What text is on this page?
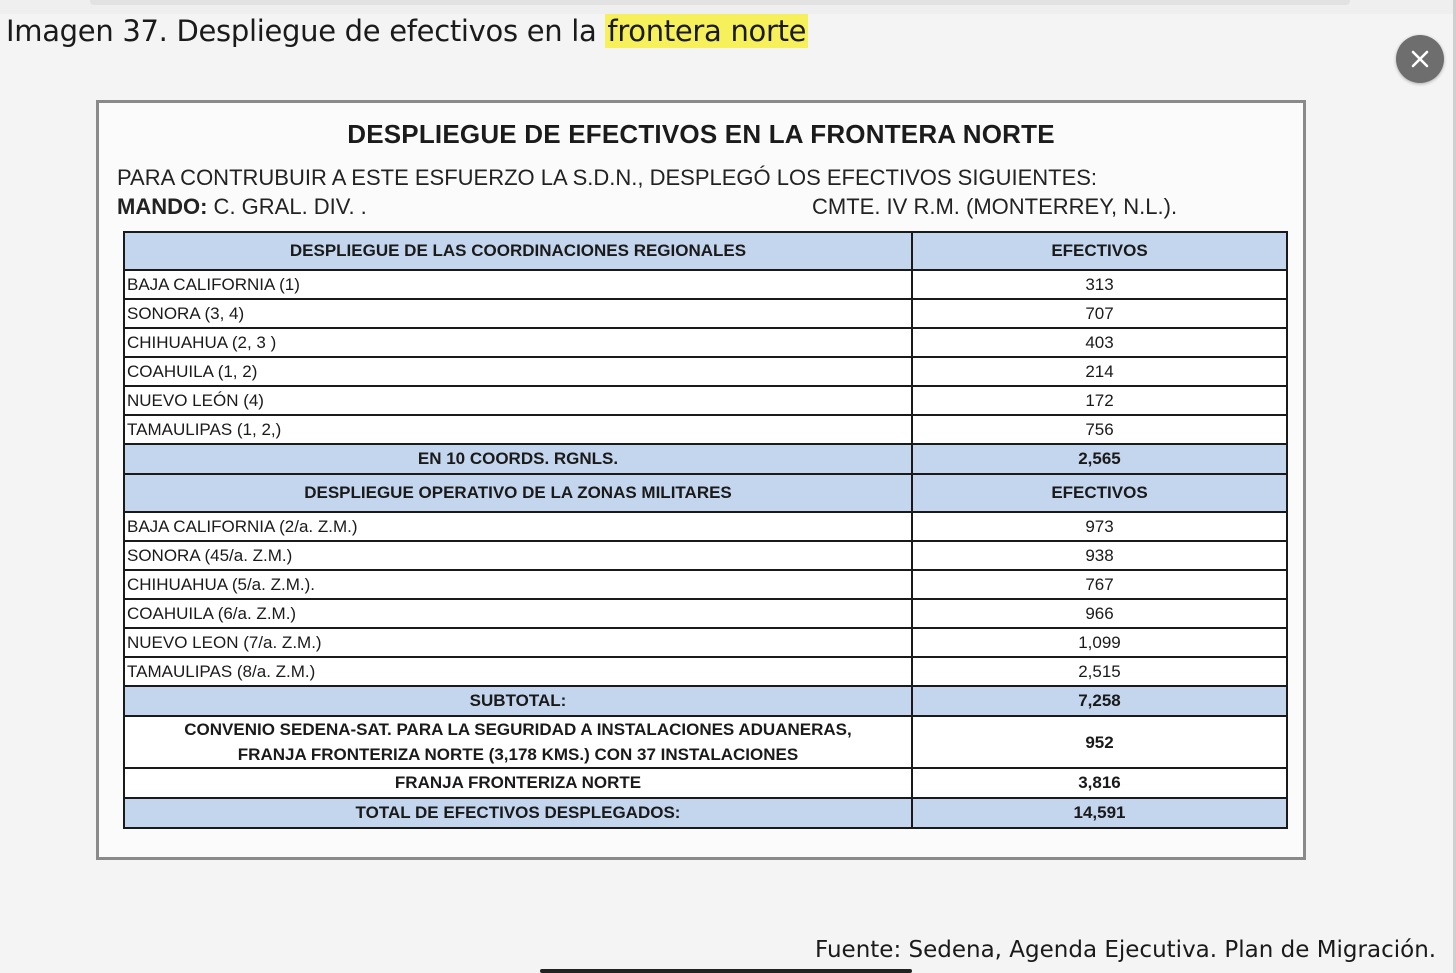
Imagen 37. Despliegue de efectivos en la frontera norte
DESPLIEGUE DE EFECTIVOS EN LA FRONTERA NORTE
PARA CONTRUBUIR A ESTE ESFUERZO LA S.D.N., DESPLEGÓ LOS EFECTIVOS SIGUIENTES:
MANDO: C. GRAL. DIV. .	CMTE. IV R.M. (MONTERREY, N.L.).
DESPLIEGUE DE LAS COORDINACIONES REGIONALES	EFECTIVOS
BAJA CALIFORNIA (1)	313
SONORA (3, 4)	707
CHIHUAHUA (2, 3 )	403
COAHUILA (1, 2)	214
NUEVO LEÓN (4)	172
TAMAULIPAS (1, 2,)	756
EN 10 COORDS. RGNLS.	2,565
DESPLIEGUE OPERATIVO DE LA ZONAS MILITARES	EFECTIVOS
BAJA CALIFORNIA (2/a. Z.M.)	973
SONORA (45/a. Z.M.)	938
CHIHUAHUA (5/a. Z.M.).	767
COAHUILA (6/a. Z.M.)	966
NUEVO LEON (7/a. Z.M.)	1,099
TAMAULIPAS (8/a. Z.M.)	2,515
SUBTOTAL:	7,258

CONVENIO SEDENA-SAT. PARA LA SEGURIDAD A INSTALACIONES ADUANERAS,
FRANJA FRONTERIZA NORTE (3,178 KMS.) CON 37 INSTALACIONES	952
FRANJA FRONTERIZA NORTE	3,816
TOTAL DE EFECTIVOS DESPLEGADOS:	14,591
Fuente: Sedena, Agenda Ejecutiva. Plan de Migración.
